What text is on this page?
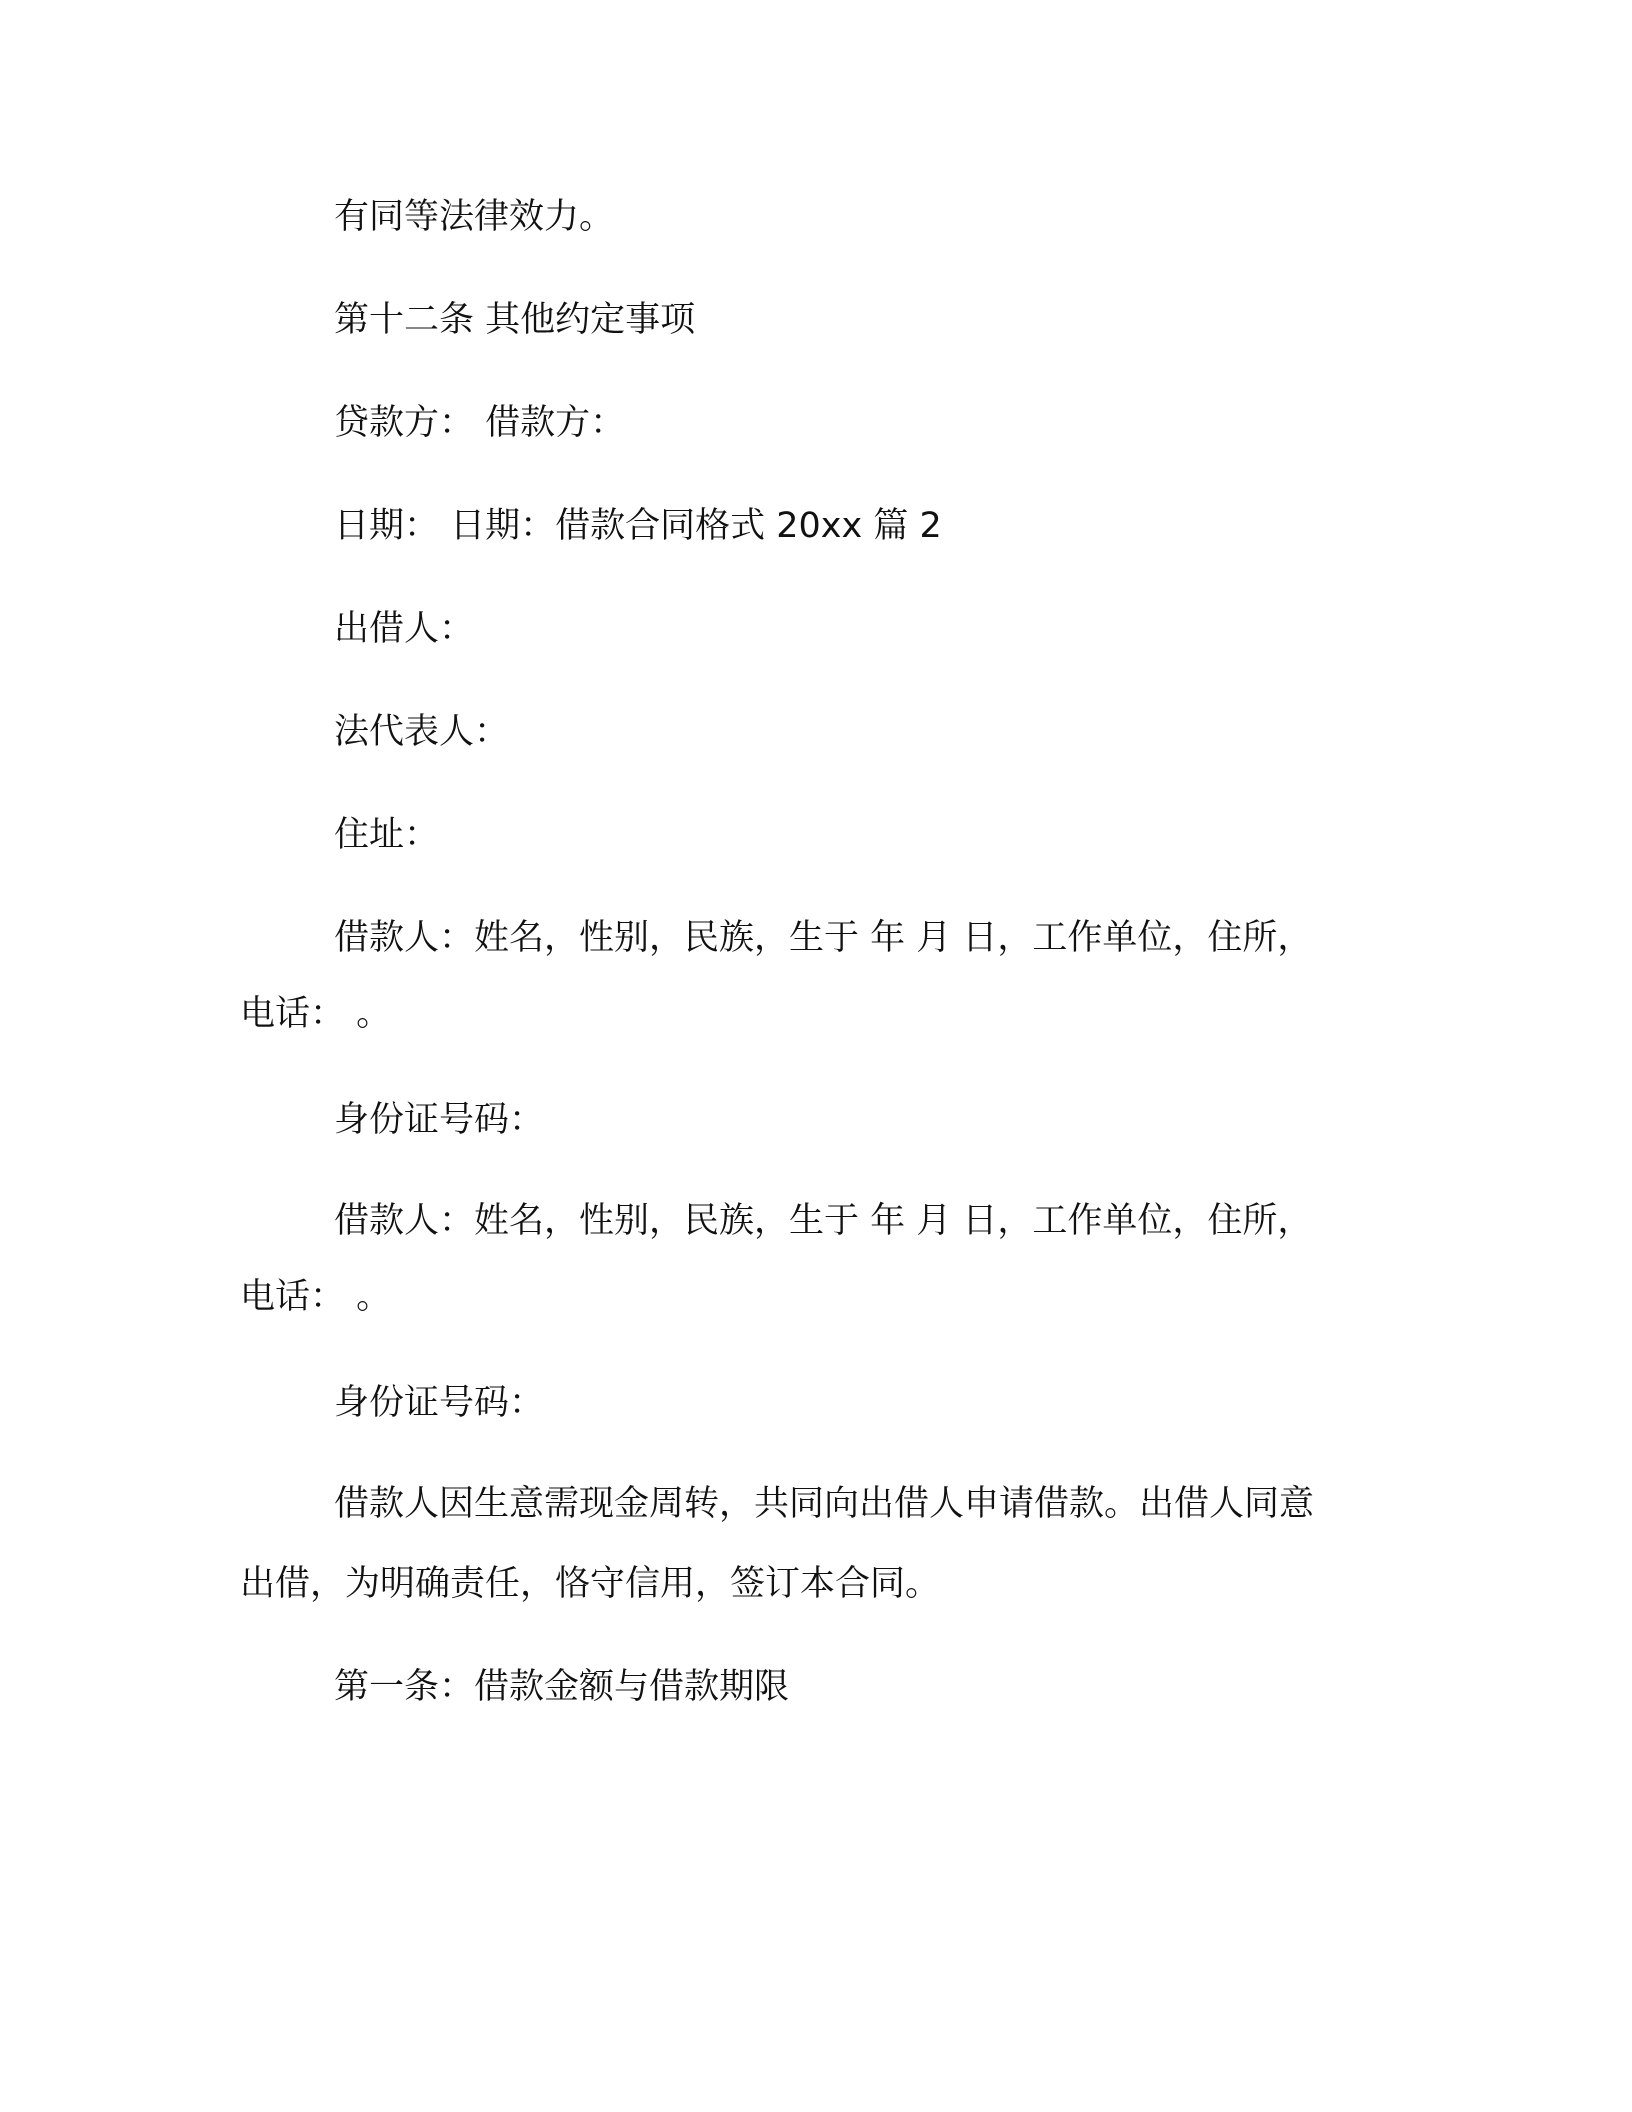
有同等法律效力。

第十二条 其他约定事项

贷款方： 借款方：

日期： 日期：借款合同格式 20xx 篇 2

出借人：

法代表人：

住址：

借款人：姓名，性别，民族，生于 年 月 日，工作单位，住所，

电话： 。

身份证号码：

借款人：姓名，性别，民族，生于 年 月 日，工作单位，住所，

电话： 。

身份证号码：

借款人因生意需现金周转，共同向出借人申请借款。出借人同意

出借，为明确责任，恪守信用，签订本合同。

第一条：借款金额与借款期限
